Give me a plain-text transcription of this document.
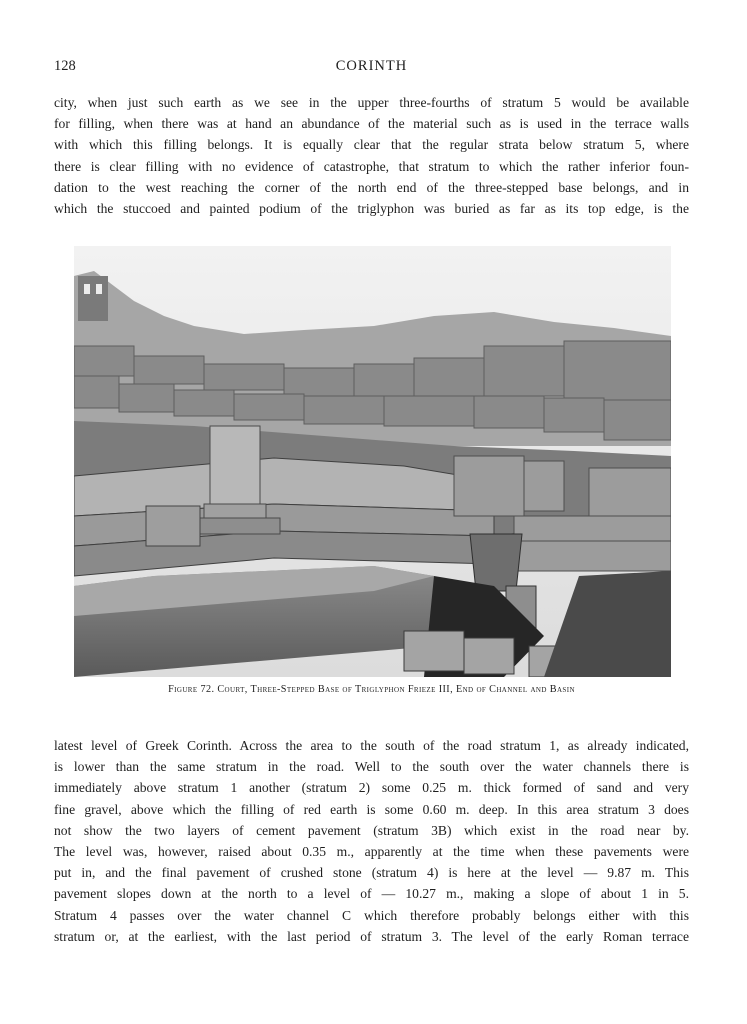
128	CORINTH
city, when just such earth as we see in the upper three-fourths of stratum 5 would be available
for filling, when there was at hand an abundance of the material such as is used in the terrace walls
with which this filling belongs. It is equally clear that the regular strata below stratum 5, where
there is clear filling with no evidence of catastrophe, that stratum to which the rather inferior foun-
dation to the west reaching the corner of the north end of the three-stepped base belongs, and in
which the stuccoed and painted podium of the triglyphon was buried as far as its top edge, is the
Figure 72. Court, Three-Stepped Base of Triglyphon Frieze III, End of Channel and Basin
latest level of Greek Corinth. Across the area to the south of the road stratum 1, as already indicated,
is lower than the same stratum in the road. Well to the south over the water channels there is
immediately above stratum 1 another (stratum 2) some 0.25 m. thick formed of sand and very
fine gravel, above which the filling of red earth is some 0.60 m. deep. In this area stratum 3 does
not show the two layers of cement pavement (stratum 3B) which exist in the road near by.
The level was, however, raised about 0.35 m., apparently at the time when these pavements were
put in, and the final pavement of crushed stone (stratum 4) is here at the level — 9.87 m. This
pavement slopes down at the north to a level of — 10.27 m., making a slope of about 1 in 5.
Stratum 4 passes over the water channel C which therefore probably belongs either with this
stratum or, at the earliest, with the last period of stratum 3. The level of the early Roman terrace
